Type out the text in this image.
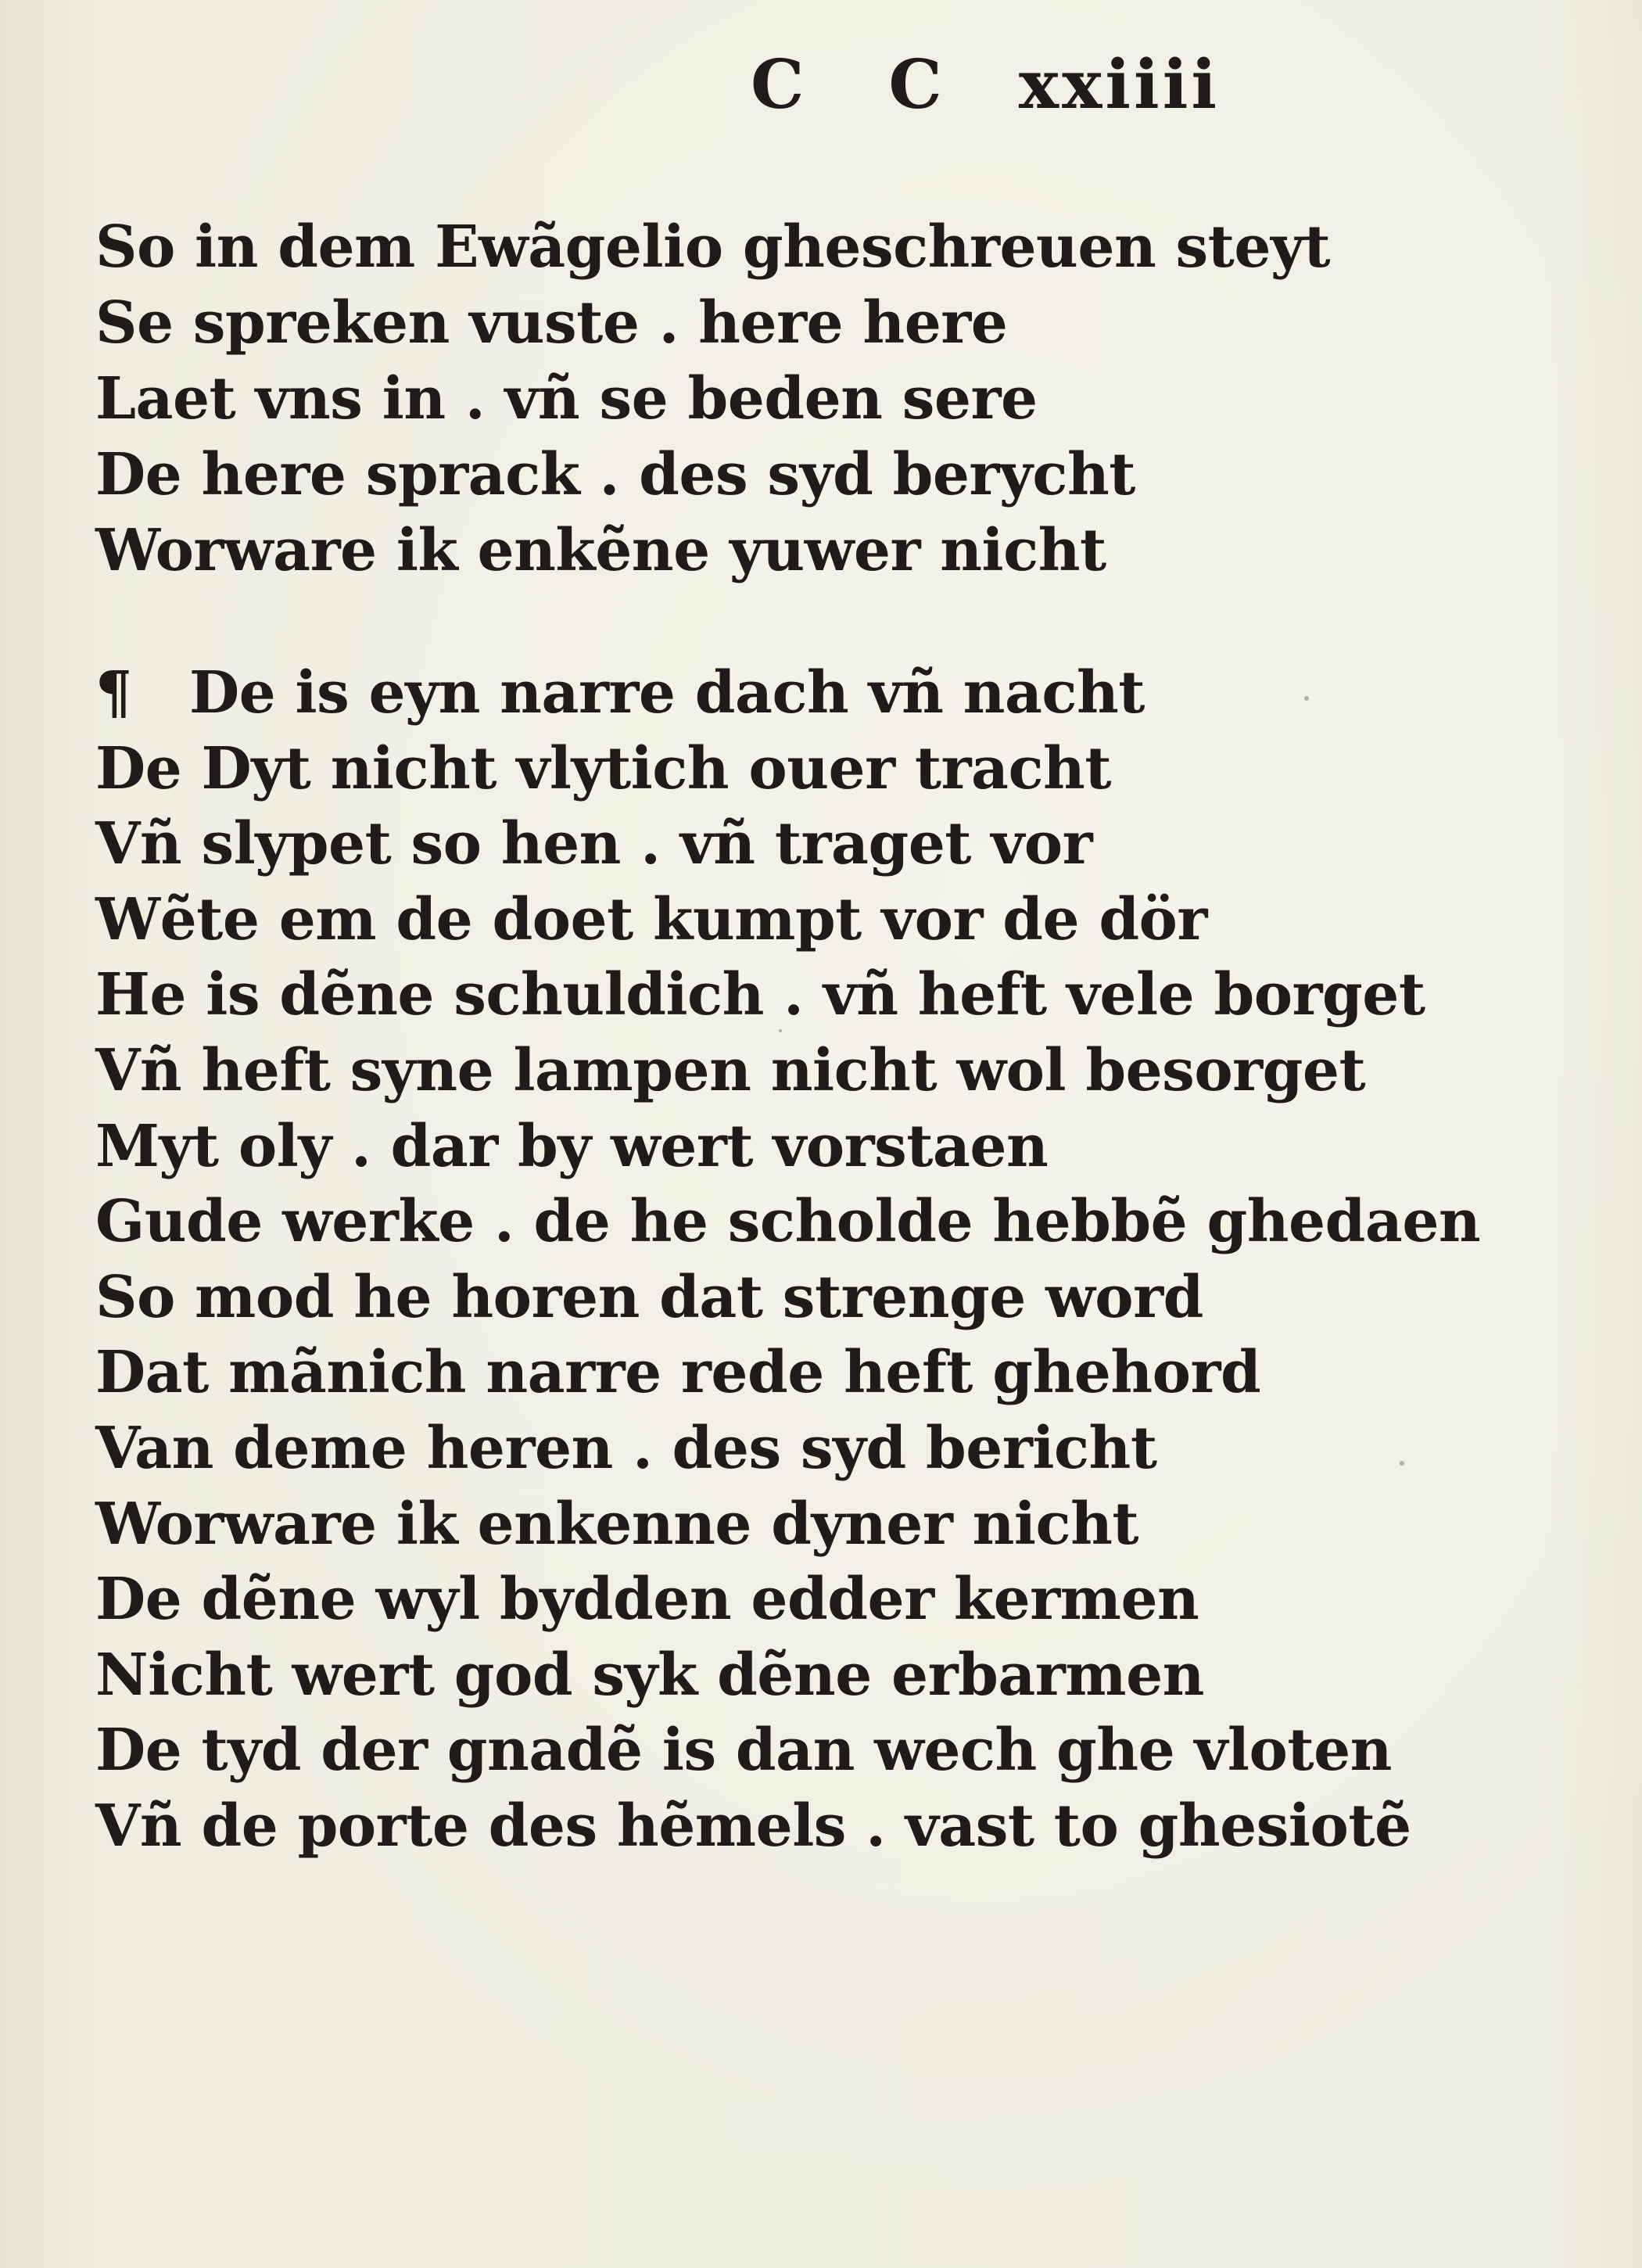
C C xxiiii
So in dem Ewãgelio gheschreuen steyt
Se spreken vuste . here here
Laet vns in . vñ se beden sere
De here sprack . des syd berycht
Worware ik enkẽne yuwer nicht
¶ De is eyn narre dach vñ nacht
De Dyt nicht vlytich ouer tracht
Vñ slypet so hen . vñ traget vor
Wẽte em de doet kumpt vor de dör
He is dẽne schuldich . vñ heft vele borget
Vñ heft syne lampen nicht wol besorget
Myt oly . dar by wert vorstaen
Gude werke . de he scholde hebbẽ ghedaen
So mod he horen dat strenge word
Dat mãnich narre rede heft ghehord
Van deme heren . des syd bericht
Worware ik enkenne dyner nicht
De dẽne wyl bydden edder kermen
Nicht wert god syk dẽne erbarmen
De tyd der gnadẽ is dan wech ghe vloten
Vñ de porte des hẽmels . vast to ghesiotẽ
